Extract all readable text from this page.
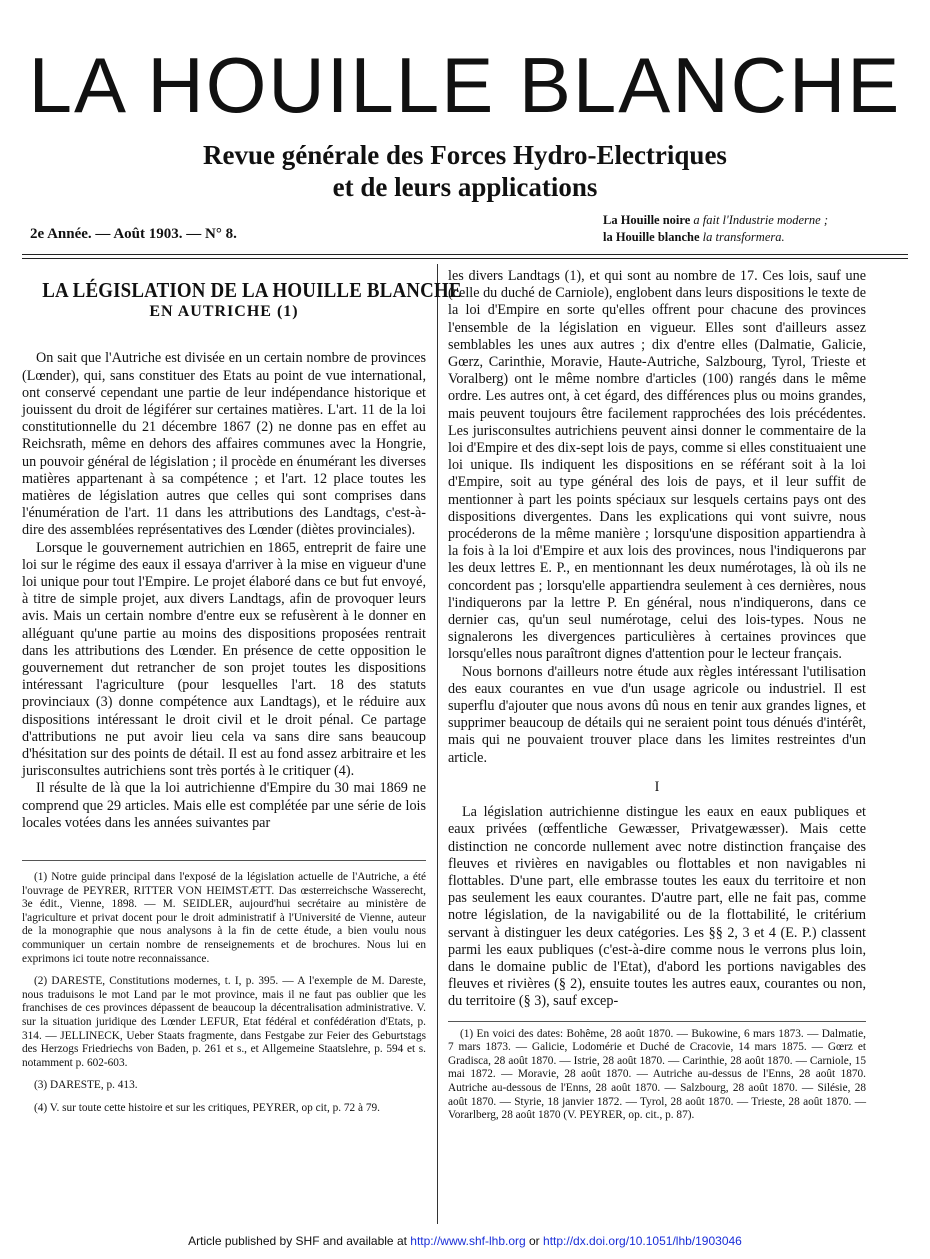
LA HOUILLE BLANCHE
Revue générale des Forces Hydro-Electriques
et de leurs applications
2e Année. — Août 1903. — N° 8.
La Houille noire a fait l'Industrie moderne ;
la Houille blanche la transformera.
LA LÉGISLATION DE LA HOUILLE BLANCHE
EN AUTRICHE (1)

On sait que l'Autriche est divisée en un certain nombre de provinces (Lœnder), qui, sans constituer des Etats au point de vue international, ont conservé cependant une partie de leur indépendance historique et jouissent du droit de légiférer sur certaines matières. L'art. 11 de la loi constitutionnelle du 21 décembre 1867 (2) ne donne pas en effet au Reichsrath, même en dehors des affaires communes avec la Hongrie, un pouvoir général de législation ; il procède en énumérant les diverses matières appartenant à sa compétence ; et l'art. 12 place toutes les matières de législation autres que celles qui sont comprises dans l'énumération de l'art. 11 dans les attributions des Landtags, c'est-à-dire des assemblées représentatives des Lœnder (diètes provinciales).

Lorsque le gouvernement autrichien en 1865, entreprit de faire une loi sur le régime des eaux il essaya d'arriver à la mise en vigueur d'une loi unique pour tout l'Empire. Le projet élaboré dans ce but fut envoyé, à titre de simple projet, aux divers Landtags, afin de provoquer leurs avis. Mais un certain nombre d'entre eux se refusèrent à le donner en alléguant qu'une partie au moins des dispositions proposées rentrait dans les attributions des Lœnder. En présence de cette opposition le gouvernement dut retrancher de son projet toutes les dispositions intéressant l'agriculture (pour lesquelles l'art. 18 des statuts provinciaux (3) donne compétence aux Landtags), et le réduire aux dispositions intéressant le droit civil et le droit pénal. Ce partage d'attributions ne put avoir lieu cela va sans dire sans beaucoup d'hésitation sur des points de détail. Il est au fond assez arbitraire et les jurisconsultes autrichiens sont très portés à le critiquer (4).

Il résulte de là que la loi autrichienne d'Empire du 30 mai 1869 ne comprend que 29 articles. Mais elle est complétée par une série de lois locales votées dans les années suivantes par

(1) Notre guide principal dans l'exposé de la législation actuelle de l'Autriche, a été l'ouvrage de PEYRER, RITTER VON HEIMSTÆTT. Das œsterreichsche Wasserecht, 3e édit., Vienne, 1898. — M. SEIDLER, aujourd'hui secrétaire au ministère de l'agriculture et privat docent pour le droit administratif à l'Université de Vienne, auteur de la monographie que nous analysons à la fin de cette étude, a bien voulu nous communiquer un certain nombre de renseignements et de brochures. Nous lui en exprimons ici toute notre reconnaissance.
(2) DARESTE, Constitutions modernes, t. I, p. 395. — A l'exemple de M. Dareste, nous traduisons le mot Land par le mot province, mais il ne faut pas oublier que les franchises de ces provinces dépassent de beaucoup la décentralisation administrative. V. sur la situation juridique des Lœnder LEFUR, Etat fédéral et confédération d'Etats, p. 314. — JELLINECK, Ueber Staats fragmente, dans Festgabe zur Feier des Geburtstags des Herzogs Friedriechs von Baden, p. 261 et s., et Allgemeine Staatslehre, p. 594 et s. notamment p. 602-603.
(3) DARESTE, p. 413.
(4) V. sur toute cette histoire et sur les critiques, PEYRER, op cit, p. 72 à 79.

les divers Landtags (1), et qui sont au nombre de 17. Ces lois, sauf une (celle du duché de Carniole), englobent dans leurs dispositions le texte de la loi d'Empire en sorte qu'elles offrent pour chacune des provinces l'ensemble de la législation en vigueur. Elles sont d'ailleurs assez semblables les unes aux autres ; dix d'entre elles (Dalmatie, Galicie, Gœrz, Carinthie, Moravie, Haute-Autriche, Salzbourg, Tyrol, Trieste et Voralberg) ont le même nombre d'articles (100) rangés dans le même ordre. Les autres ont, à cet égard, des différences plus ou moins grandes, mais peuvent toujours être facilement rapprochées des lois précédentes. Les jurisconsultes autrichiens peuvent ainsi donner le commentaire de la loi d'Empire et des dix-sept lois de pays, comme si elles constituaient une loi unique. Ils indiquent les dispositions en se référant soit à la loi d'Empire, soit au type général des lois de pays, et il leur suffit de mentionner à part les points spéciaux sur lesquels certains pays ont des dispositions divergentes. Dans les explications qui vont suivre, nous procéderons de la même manière ; lorsqu'une disposition appartiendra à la fois à la loi d'Empire et aux lois des provinces, nous l'indiquerons par les deux lettres E. P., en mentionnant les deux numérotages, là où ils ne concordent pas ; lorsqu'elle appartiendra seulement à ces dernières, nous l'indiquerons par la lettre P. En général, nous n'indiquerons, dans ce dernier cas, qu'un seul numérotage, celui des lois-types. Nous ne signalerons les divergences particulières à certaines provinces que lorsqu'elles nous paraîtront dignes d'attention pour le lecteur français.

Nous bornons d'ailleurs notre étude aux règles intéressant l'utilisation des eaux courantes en vue d'un usage agricole ou industriel. Il est superflu d'ajouter que nous avons dû nous en tenir aux grandes lignes, et supprimer beaucoup de détails qui ne seraient point tous dénués d'intérêt, mais qui ne pouvaient trouver place dans les limites restreintes d'un article.

I

La législation autrichienne distingue les eaux en eaux publiques et eaux privées (œffentliche Gewæsser, Privatgewæsser). Mais cette distinction ne concorde nullement avec notre distinction française des fleuves et rivières en navigables ou flottables et non navigables ni flottables. D'une part, elle embrasse toutes les eaux du territoire et non pas seulement les eaux courantes. D'autre part, elle ne fait pas, comme notre législation, de la navigabilité ou de la flottabilité, le critérium servant à distinguer les deux catégories. Les §§ 2, 3 et 4 (E. P.) classent parmi les eaux publiques (c'est-à-dire comme nous le verrons plus loin, dans le domaine public de l'Etat), d'abord les portions navigables des fleuves et rivières (§ 2), ensuite toutes les autres eaux, courantes ou non, du territoire (§ 3), sauf excep-

(1) En voici des dates: Bohême, 28 août 1870. — Bukowine, 6 mars 1873. — Dalmatie, 7 mars 1873. — Galicie, Lodomérie et Duché de Cracovie, 14 mars 1875. — Gœrz et Gradisca, 28 août 1870. — Istrie, 28 août 1870. — Carinthie, 28 août 1870. — Carniole, 15 mai 1872. — Moravie, 28 août 1870. — Autriche au-dessus de l'Enns, 28 août 1870. Autriche au-dessous de l'Enns, 28 août 1870. — Salzbourg, 28 août 1870. — Silésie, 28 août 1870. — Styrie, 18 janvier 1872. — Tyrol, 28 août 1870. — Trieste, 28 août 1870. — Vorarlberg, 28 août 1870 (V. PEYRER, op. cit., p. 87).
Article published by SHF and available at http://www.shf-lhb.org or http://dx.doi.org/10.1051/lhb/1903046
